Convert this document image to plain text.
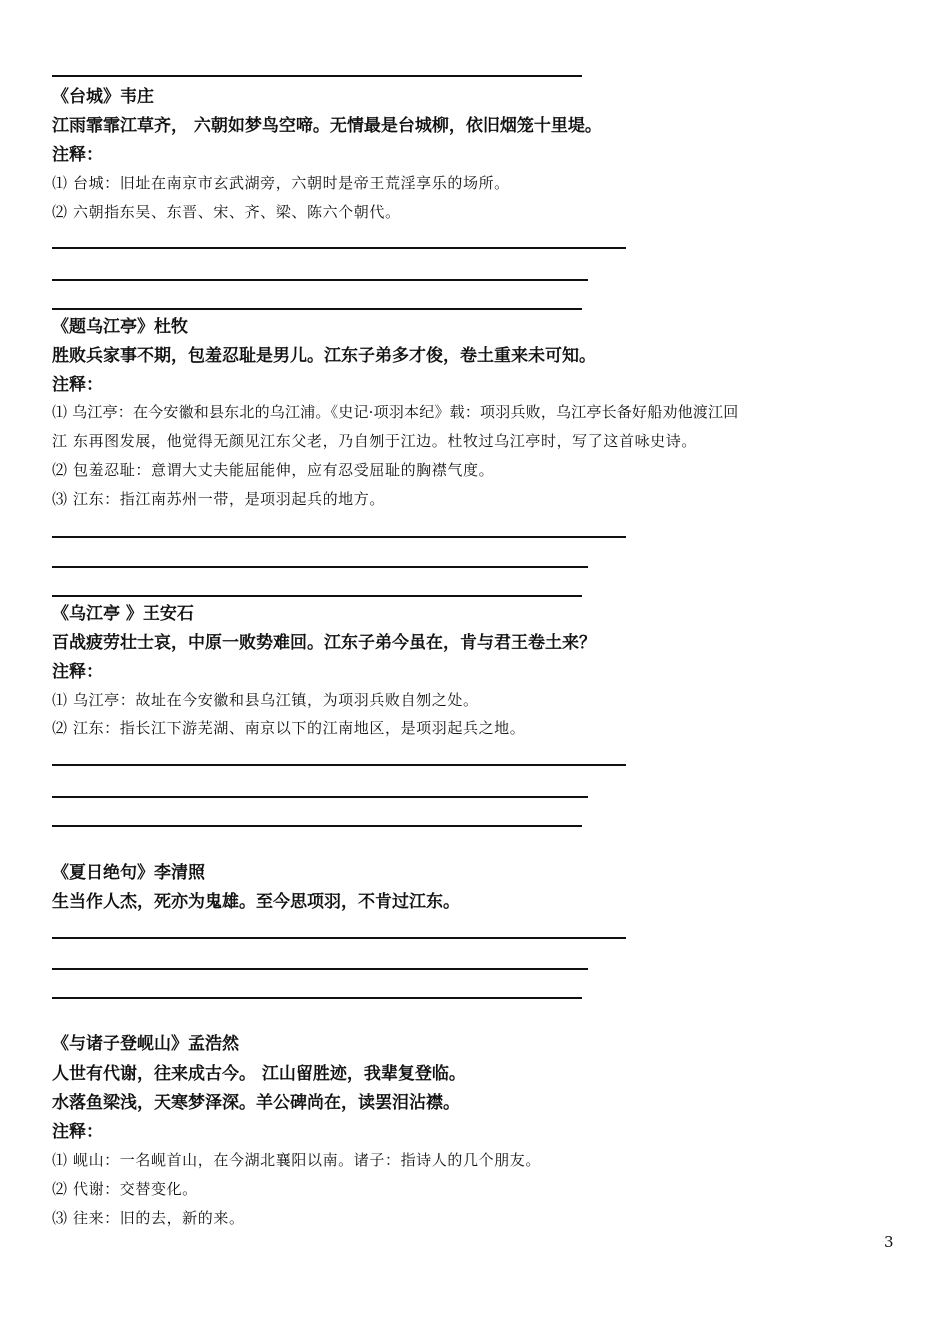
《台城》韦庄
江雨霏霏江草齐， 六朝如梦鸟空啼。无情最是台城柳，依旧烟笼十里堤。
注释：
⑴ 台城：旧址在南京市玄武湖旁，六朝时是帝王荒淫享乐的场所。
⑵ 六朝指东吴、东晋、宋、齐、梁、陈六个朝代。
《题乌江亭》杜牧
胜败兵家事不期，包羞忍耻是男儿。江东子弟多才俊，卷土重来未可知。
注释：
⑴ 乌江亭：在今安徽和县东北的乌江浦。《史记·项羽本纪》载：项羽兵败，乌江亭长备好船劝他渡江回
江 东再图发展，他觉得无颜见江东父老，乃自刎于江边。杜牧过乌江亭时，写了这首咏史诗。
⑵ 包羞忍耻：意谓大丈夫能屈能伸，应有忍受屈耻的胸襟气度。
⑶ 江东：指江南苏州一带，是项羽起兵的地方。
《乌江亭 》王安石
百战疲劳壮士哀，中原一败势难回。江东子弟今虽在，肯与君王卷土来？
注释：
⑴ 乌江亭：故址在今安徽和县乌江镇，为项羽兵败自刎之处。
⑵ 江东：指长江下游芜湖、南京以下的江南地区，是项羽起兵之地。
《夏日绝句》李清照
生当作人杰，死亦为鬼雄。至今思项羽，不肯过江东。
《与诸子登岘山》孟浩然
人世有代谢，往来成古今。 江山留胜迹，我辈复登临。
水落鱼梁浅，天寒梦泽深。羊公碑尚在，读罢泪沾襟。
注释：
⑴ 岘山：一名岘首山，在今湖北襄阳以南。诸子：指诗人的几个朋友。
⑵ 代谢：交替变化。
⑶ 往来：旧的去，新的来。
3
